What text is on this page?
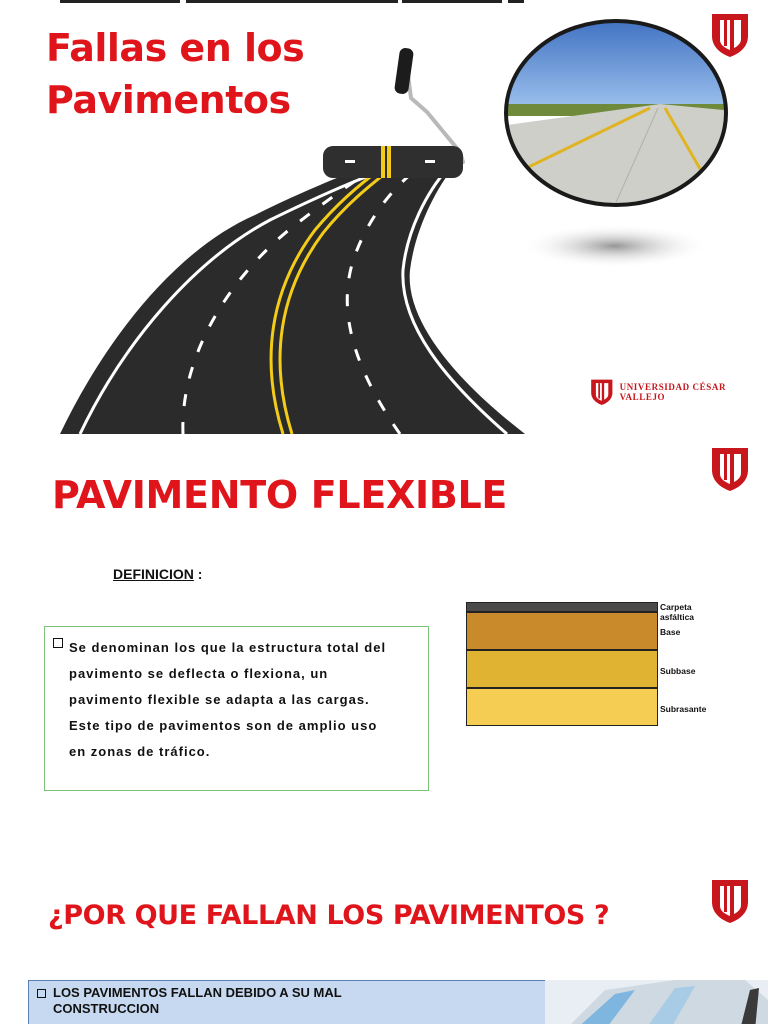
Fallas en los
Pavimentos
UNIVERSIDAD CÉSAR VALLEJO
PAVIMENTO FLEXIBLE
DEFINICION :
Se denominan los que la estructura total del
pavimento se deflecta o flexiona, un
pavimento flexible se adapta a las cargas.
Este tipo de pavimentos son de amplio uso
en zonas de tráfico.
Carpeta asfáltica
Base
Subbase
Subrasante
¿POR QUE FALLAN LOS PAVIMENTOS ?
LOS PAVIMENTOS FALLAN DEBIDO A SU MAL
CONSTRUCCION
